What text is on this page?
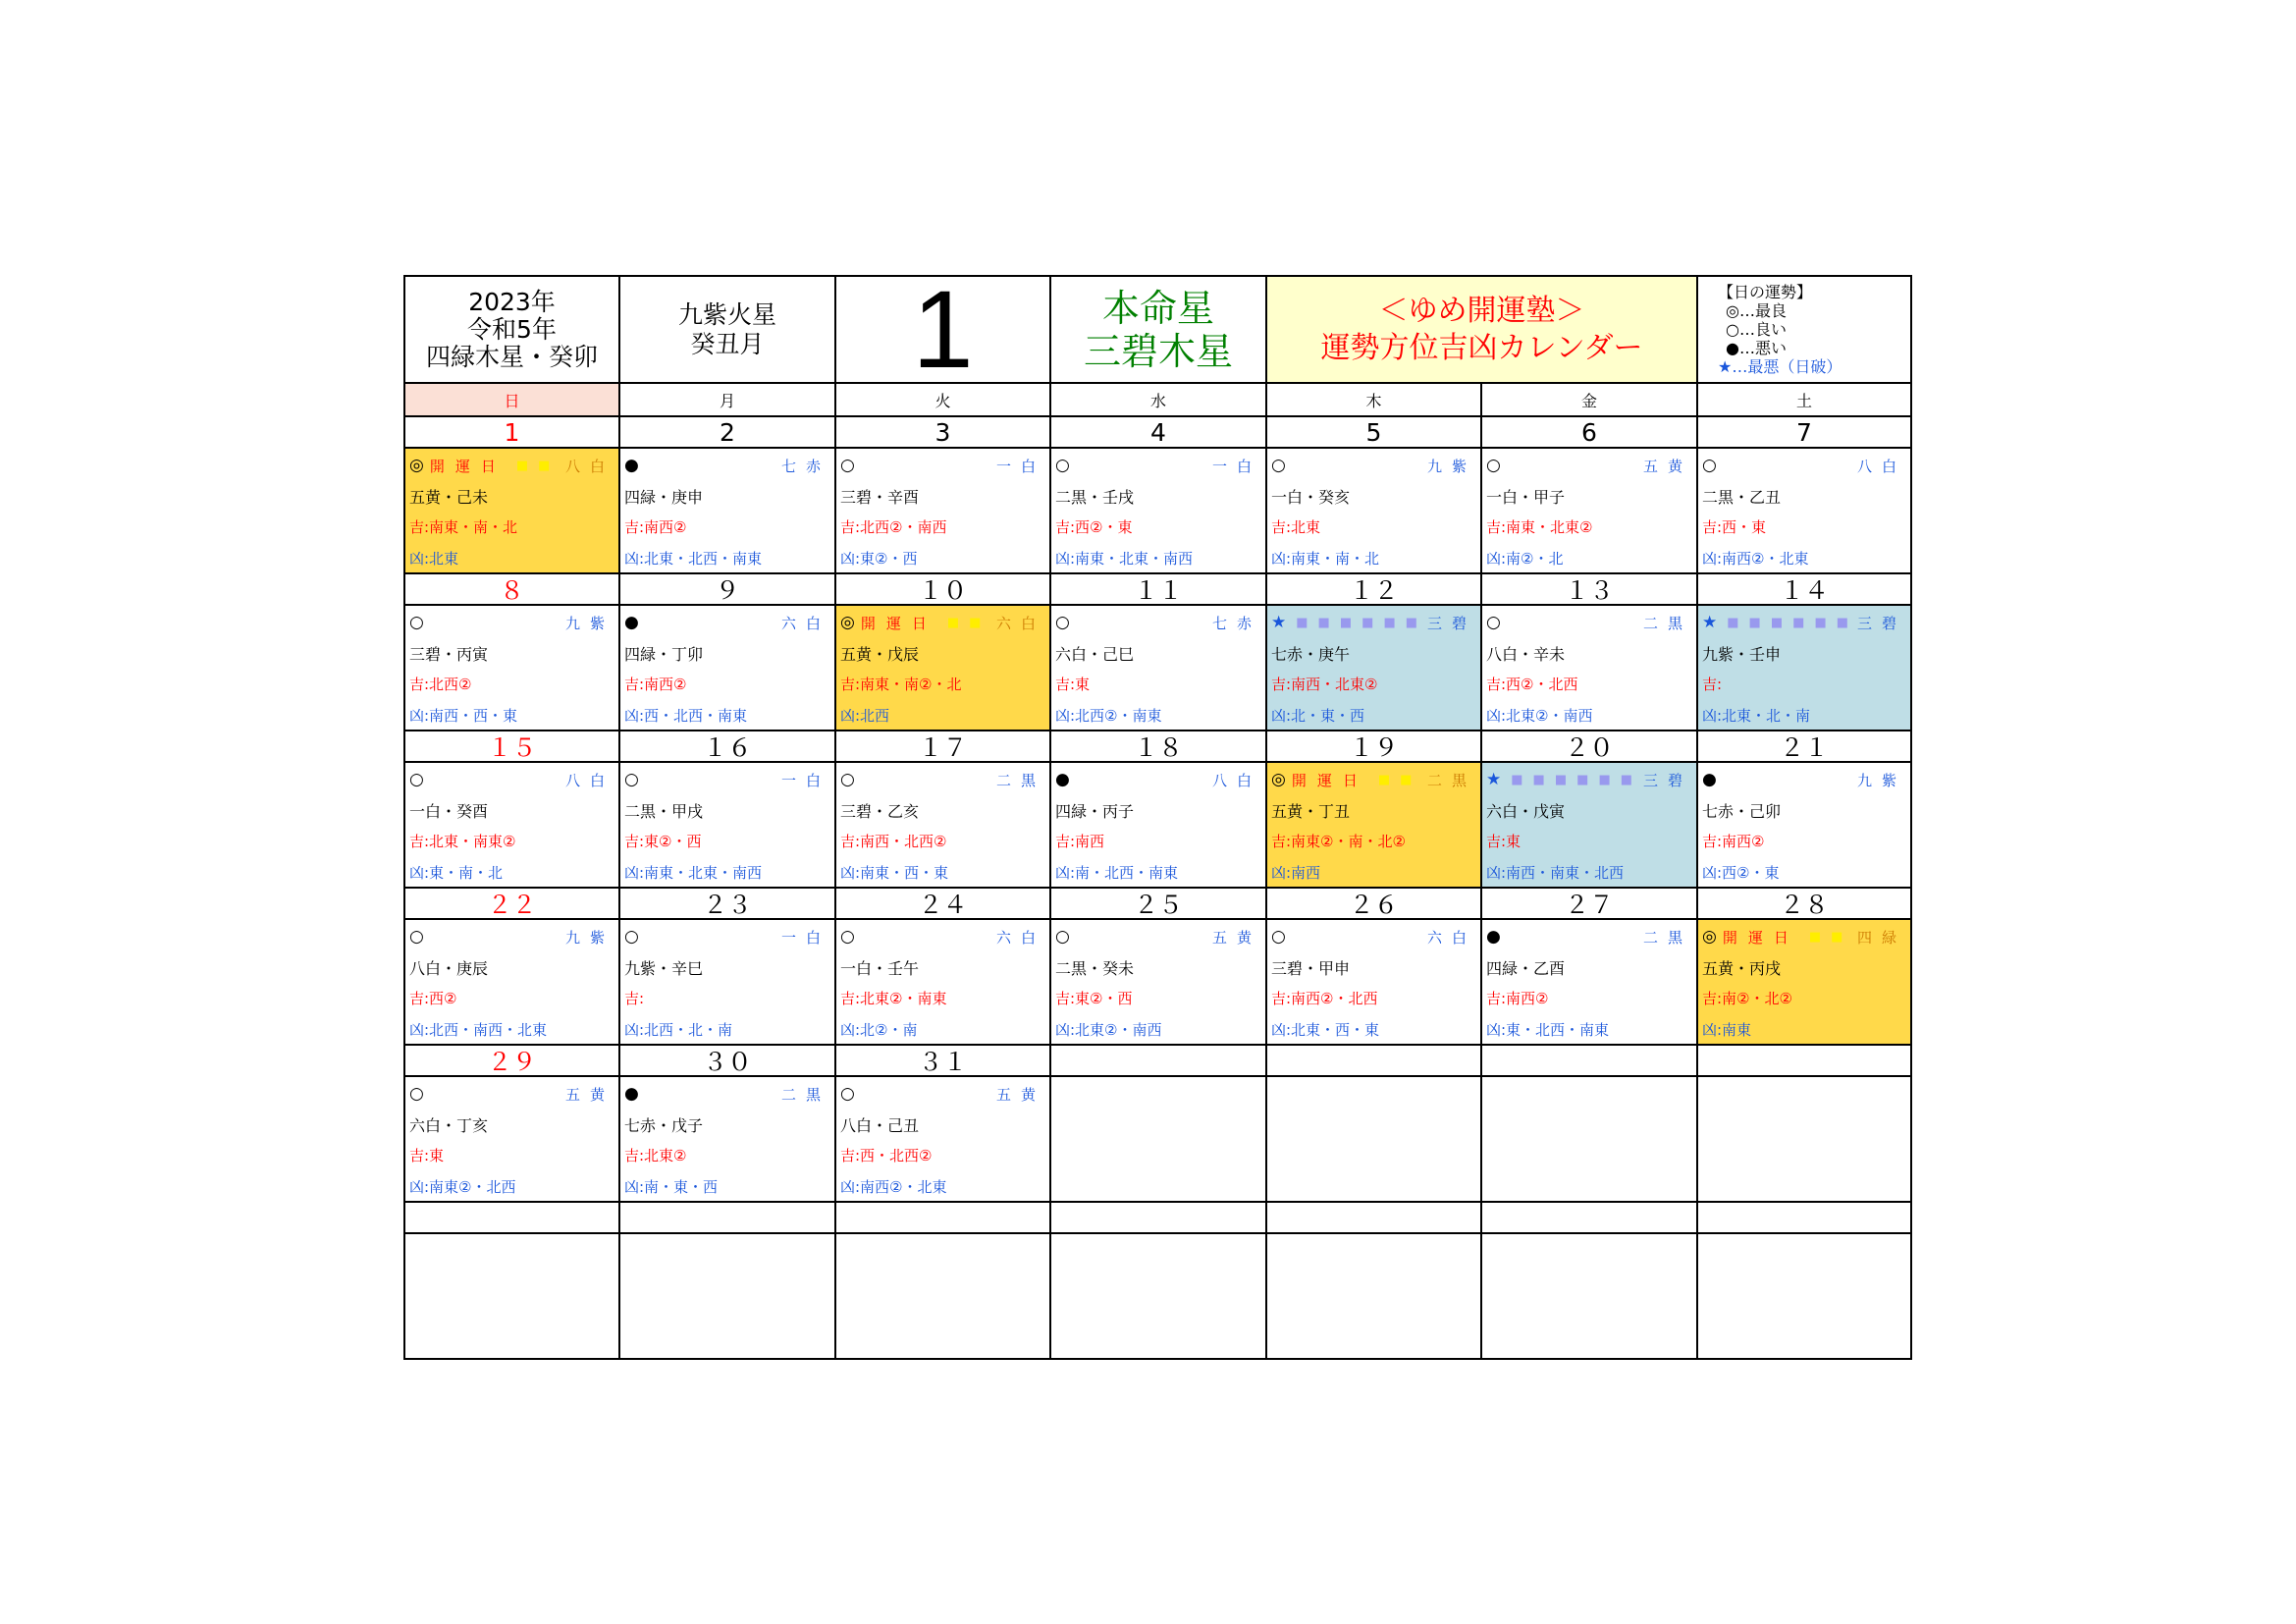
2023年
令和5年
四緑木星・癸卯
九紫火星
癸丑月 1	本命星
三碧木星
＜ゆめ開運塾＞
運勢方位吉凶カレンダー
【日の運勢】
◎…最良
○…良い
●…悪い
★…最悪（日破）
日	月	火	水	木	金	土
1
◎ 開運日 ■ ■ 八白
五黄・己未
吉:南東・南・北
凶:北東
2
●	七赤
四緑・庚申
吉:南西②
凶:北東・北西・南東
3
○	一白
三碧・辛酉
吉:北西②・南西
凶:東②・西
4
○	一白
二黒・壬戌
吉:西②・東
凶:南東・北東・南西
5
○	九紫
一白・癸亥
吉:北東
凶:南東・南・北
6
○	五黄
一白・甲子
吉:南東・北東②
凶:南②・北
7
○	八白
二黒・乙丑
吉:西・東
凶:南西②・北東
８
○	九紫
三碧・丙寅
吉:北西②
凶:南西・西・東
９
●	六白
四緑・丁卯
吉:南西②
凶:西・北西・南東
１０
◎ 開運日 ■ ■ 六白
五黄・戊辰
吉:南東・南②・北
凶:北西
１１
○	七赤
六白・己巳
吉:東
凶:北西②・南東
１２
★ ■ ■ ■ ■ ■ ■ 三碧
七赤・庚午
吉:南西・北東②
凶:北・東・西
１３
○	二黒
八白・辛未
吉:西②・北西
凶:北東②・南西
１４
★ ■ ■ ■ ■ ■ ■ 三碧
九紫・壬申
吉:
凶:北東・北・南
１５
○	八白
一白・癸酉
吉:北東・南東②
凶:東・南・北
１６
○	一白
二黒・甲戌
吉:東②・西
凶:南東・北東・南西
１７
○	二黒
三碧・乙亥
吉:南西・北西②
凶:南東・西・東
１８
●	八白
四緑・丙子
吉:南西
凶:南・北西・南東
１９
◎ 開運日 ■ ■ 二黒
五黄・丁丑
吉:南東②・南・北②
凶:南西
２０
★ ■ ■ ■ ■ ■ ■ 三碧
六白・戊寅
吉:東
凶:南西・南東・北西
２１
●	九紫
七赤・己卯
吉:南西②
凶:西②・東
２２
○	九紫
八白・庚辰
吉:西②
凶:北西・南西・北東
２３
○	一白
九紫・辛巳
吉:
凶:北西・北・南
２４
○	六白
一白・壬午
吉:北東②・南東
凶:北②・南
２５
○	五黄
二黒・癸未
吉:東②・西
凶:北東②・南西
２６
○	六白
三碧・甲申
吉:南西②・北西
凶:北東・西・東
２７
●	二黒
四緑・乙酉
吉:南西②
凶:東・北西・南東
２８
◎ 開運日 ■ ■ 四緑
五黄・丙戌
吉:南②・北②
凶:南東
２９
○	五黄
六白・丁亥
吉:東
凶:南東②・北西
３０
●	二黒
七赤・戊子
吉:北東②
凶:南・東・西
３１
○	五黄
八白・己丑
吉:西・北西②
凶:南西②・北東
